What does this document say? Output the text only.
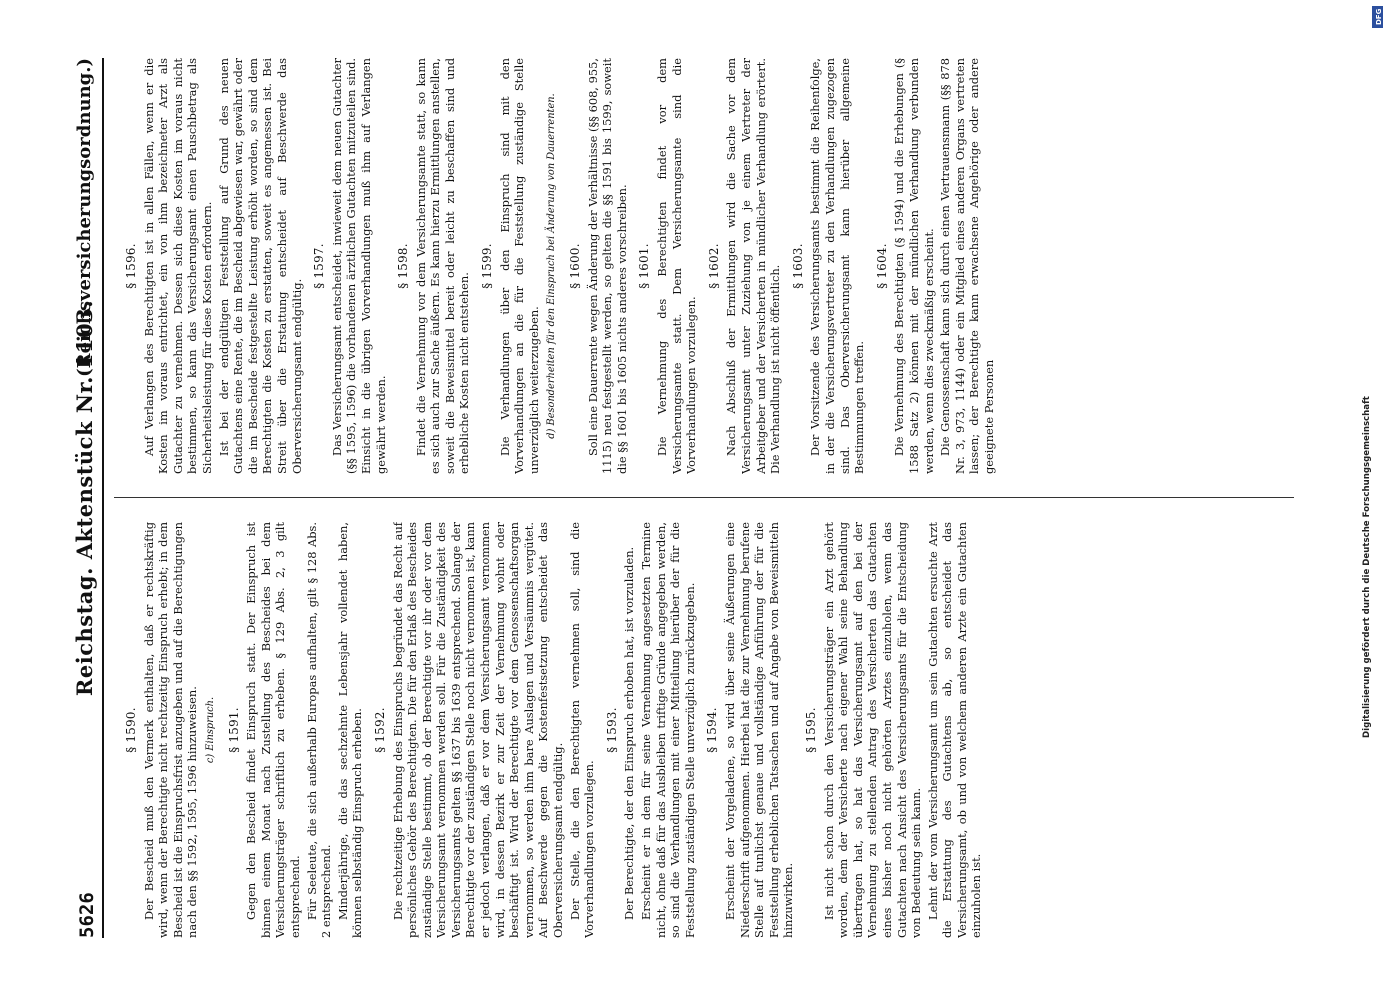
5626
Reichstag. Aktenstück Nr. 1103.
(Reichsversicherungsordnung.)
§ 1590. Der Bescheid muß den Vermerk enthalten, daß er rechtskräftig wird, wenn der Berechtigte nicht rechtzeitig Einspruch erhebt; in dem Bescheid ist die Einspruchsfrist anzugeben und auf die Berechtigungen nach den §§ 1592, 1595, 1596 hinzuweisen. c) Einspruch. § 1591. Gegen den Bescheid findet Einspruch statt. Der Einspruch ist binnen einem Monat nach Zustellung des Bescheides bei dem Versicherungsträger schriftlich zu erheben. § 129 Abs. 2, 3 gilt entsprechend. Für Seeleute, die sich außerhalb Europas aufhalten, gilt § 128 Abs. 2 entsprechend. Minderjährige, die das sechzehnte Lebensjahr vollendet haben, können selbständig Einspruch erheben. § 1592. Die rechtzeitige Erhebung des Einspruchs begründet das Recht auf persönliches Gehör des Berechtigten. Die für den Erlaß des Bescheides zuständige Stelle bestimmt, ob der Berechtigte vor ihr oder vor dem Versicherungsamt vernommen werden soll. Für die Zuständigkeit des Versicherungsamts gelten §§ 1637 bis 1639 entsprechend. Solange der Berechtigte vor der zuständigen Stelle noch nicht vernommen ist, kann er jedoch verlangen, daß er vor dem Versicherungsamt vernommen wird, in dessen Bezirk er zur Zeit der Vernehmung wohnt oder beschäftigt ist. Wird der Berechtigte vor dem Genossenschaftsorgan vernommen, so werden ihm bare Auslagen und Versäumnis vergütet. Auf Beschwerde gegen die Kostenfestsetzung entscheidet das Oberversicherungsamt endgültig. Der Stelle, die den Berechtigten vernehmen soll, sind die Vorverhandlungen vorzulegen.
§ 1593. Der Berechtigte, der den Einspruch erhoben hat, ist vorzuladen. Erscheint er in dem für seine Vernehmung angesetzten Termine nicht, ohne daß für das Ausbleiben triftige Gründe angegeben werden, so sind die Verhandlungen mit einer Mitteilung hierüber der für die Feststellung zuständigen Stelle unverzüglich zurückzugeben. § 1594. Erscheint der Vorgeladene, so wird über seine Äußerungen eine Niederschrift aufgenommen. Hierbei hat die zur Vernehmung berufene Stelle auf tunlichst genaue und vollständige Anführung der für die Feststellung erheblichen Tatsachen und auf Angabe von Beweismitteln hinzuwirken.
§ 1595. Ist nicht schon durch den Versicherungsträger ein Arzt gehört worden, dem der Versicherte nach eigener Wahl seine Behandlung übertragen hat, so hat das Versicherungsamt auf den bei der Vernehmung zu stellenden Antrag des Versicherten das Gutachten eines bisher noch nicht gehörten Arztes einzuholen, wenn das Gutachten nach Ansicht des Versicherungsamts für die Entscheidung von Bedeutung sein kann. Lehnt der vom Versicherungsamt um sein Gutachten ersuchte Arzt die Erstattung des Gutachtens ab, so entscheidet das Versicherungsamt, ob und von welchem anderen Arzte ein Gutachten einzuholen ist.
§ 1596. Auf Verlangen des Berechtigten ist in allen Fällen, wenn er die Kosten im voraus entrichtet, ein von ihm bezeichneter Arzt als Gutachter zu vernehmen. Dessen sich diese Kosten im voraus nicht bestimmen, so kann das Versicherungsamt einen Pauschbetrag als Sicherheitsleistung für diese Kosten erfordern. Ist bei der endgültigen Feststellung auf Grund des neuen Gutachtens eine Rente, die im Bescheid abgewiesen war, gewährt oder die im Bescheide festgestellte Leistung erhöht worden, so sind dem Berechtigten die Kosten zu erstatten, soweit es angemessen ist. Bei Streit über die Erstattung entscheidet auf Beschwerde das Oberversicherungsamt endgültig.
§ 1597. Das Versicherungsamt entscheidet, inwieweit dem neuen Gutachter (§§ 1595, 1596) die vorhandenen ärztlichen Gutachten mitzuteilen sind. Einsicht in die übrigen Vorverhandlungen muß ihm auf Verlangen gewährt werden.
§ 1598. Findet die Vernehmung vor dem Versicherungsamte statt, so kann es sich auch zur Sache äußern. Es kann hierzu Ermittlungen anstellen, soweit die Beweismittel bereit oder leicht zu beschaffen sind und erhebliche Kosten nicht entstehen.
§ 1599. Die Verhandlungen über den Einspruch sind mit den Vorverhandlungen an die für die Feststellung zuständige Stelle unverzüglich weiterzugeben. d) Besonderheiten für den Einspruch bei Änderung von Dauerrenten. § 1600. Soll eine Dauerrente wegen Änderung der Verhältnisse (§§ 608, 955, 1115) neu festgestellt werden, so gelten die §§ 1591 bis 1599, soweit die §§ 1601 bis 1605 nichts anderes vorschreiben. § 1601. Die Vernehmung des Berechtigten findet vor dem Versicherungsamte statt. Dem Versicherungsamte sind die Vorverhandlungen vorzulegen.
§ 1602. Nach Abschluß der Ermittlungen wird die Sache vor dem Versicherungsamt unter Zuziehung von je einem Vertreter der Arbeitgeber und der Versicherten in mündlicher Verhandlung erörtert. Die Verhandlung ist nicht öffentlich. § 1603. Der Vorsitzende des Versicherungsamts bestimmt die Reihenfolge, in der die Versicherungsvertreter zu den Verhandlungen zugezogen sind. Das Oberversicherungsamt kann hierüber allgemeine Bestimmungen treffen.
§ 1604. Die Vernehmung des Berechtigten (§ 1594) und die Erhebungen (§ 1588 Satz 2) können mit der mündlichen Verhandlung verbunden werden, wenn dies zweckmäßig erscheint. Die Genossenschaft kann sich durch einen Vertrauensmann (§§ 878 Nr. 3, 973, 1144) oder ein Mitglied eines anderen Organs vertreten lassen; der Berechtigte kann erwachsene Angehörige oder andere geeignete Personen
DFG
Digitalisierung gefördert durch die Deutsche Forschungsgemeinschaft
